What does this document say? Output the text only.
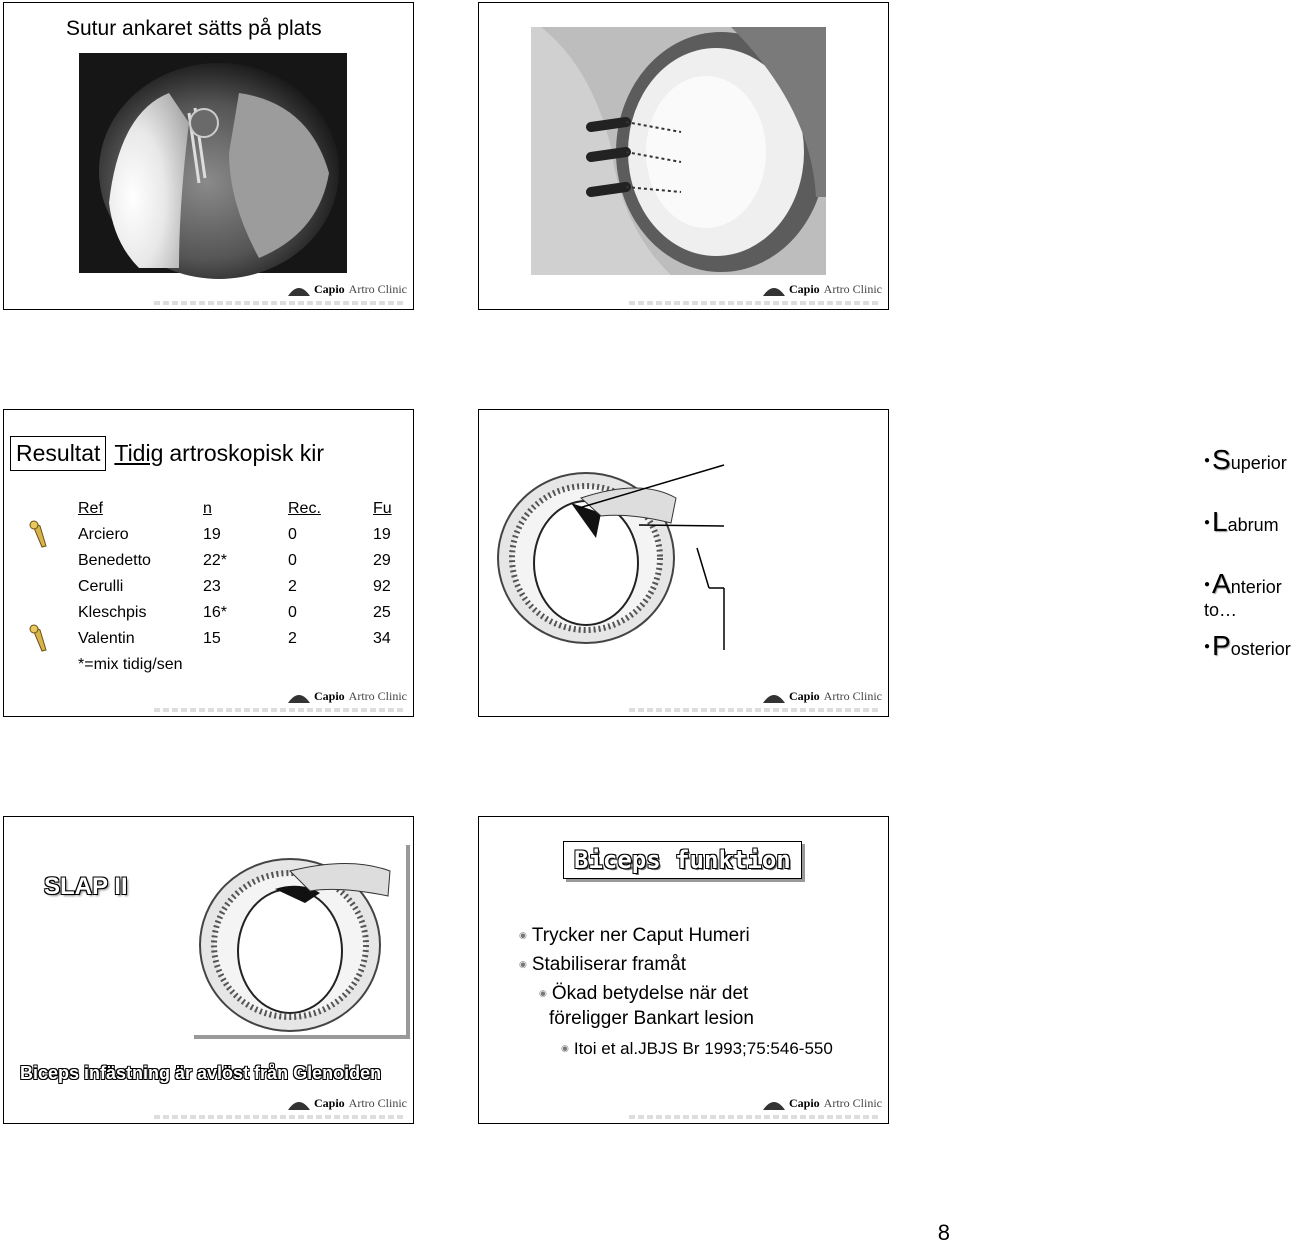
Sutur ankaret sätts på plats
Capio Artro Clinic	Capio Artro Clinic
Resultat Tidig artroskopisk kir
Ref	n	Rec.	Fu
Arciero	19	0	19
Benedetto	22*	0	29
Cerulli	23	2	92
Kleschpis	16*	0	25
Valentin	15	2	34
*=mix tidig/sen
Capio Artro Clinic
●Superior
●Labrum
●Anterior to…
●Posterior
Capio Artro Clinic
SLAP II
Biceps infästning är avlöst från Glenoiden
Capio Artro Clinic
Biceps funktion
◉ Trycker ner Caput Humeri
◉ Stabiliserar framåt
◉ Ökad betydelse när det
föreligger Bankart lesion
◉ Itoi et al.JBJS Br 1993;75:546-550
Capio Artro Clinic
8
